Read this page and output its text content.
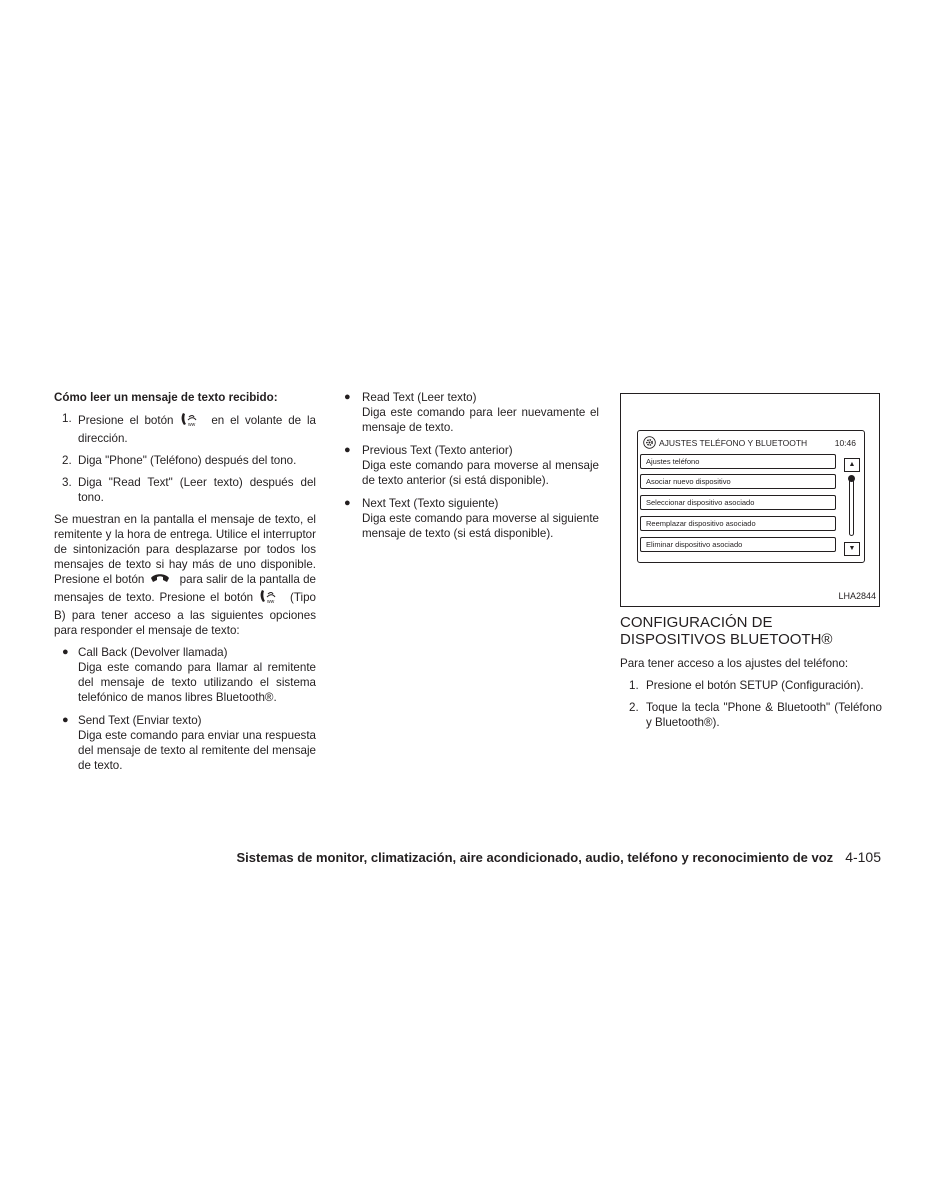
Cómo leer un mensaje de texto recibido:

1. Presione el botón	ww en el volante de la dirección.
2. Diga "Phone" (Teléfono) después del tono.
3. Diga "Read Text" (Leer texto) después del tono.

Se muestran en la pantalla el mensaje de texto, el remitente y la hora de entrega. Utilice el interruptor de sintonización para desplazarse por todos los mensajes de texto si hay más de uno disponible. Presione el botón	para salir de la pantalla de mensajes de texto. Presione el botón	ww (Tipo B) para tener acceso a las siguientes opciones para responder el mensaje de texto:

● Call Back (Devolver llamada)
Diga este comando para llamar al remitente del mensaje de texto utilizando el sistema telefónico de manos libres Bluetooth®.
● Send Text (Enviar texto)
Diga este comando para enviar una respuesta del mensaje de texto al remitente del mensaje de texto.
● Read Text (Leer texto)
Diga este comando para leer nuevamente el mensaje de texto.
● Previous Text (Texto anterior)
Diga este comando para moverse al mensaje de texto anterior (si está disponible).
● Next Text (Texto siguiente)
Diga este comando para moverse al siguiente mensaje de texto (si está disponible).
AJUSTES TELÉFONO Y BLUETOOTH	10:46
Ajustes teléfono
Asociar nuevo dispositivo
Seleccionar dispositivo asociado
Reemplazar dispositivo asociado
Eliminar dispositivo asociado
▲
▼
LHA2844
CONFIGURACIÓN DE
DISPOSITIVOS BLUETOOTH®

Para tener acceso a los ajustes del teléfono:

1. Presione el botón SETUP (Configuración).
2. Toque la tecla "Phone & Bluetooth" (Teléfono y Bluetooth®).
Sistemas de monitor, climatización, aire acondicionado, audio, teléfono y reconocimiento de voz 4-105
